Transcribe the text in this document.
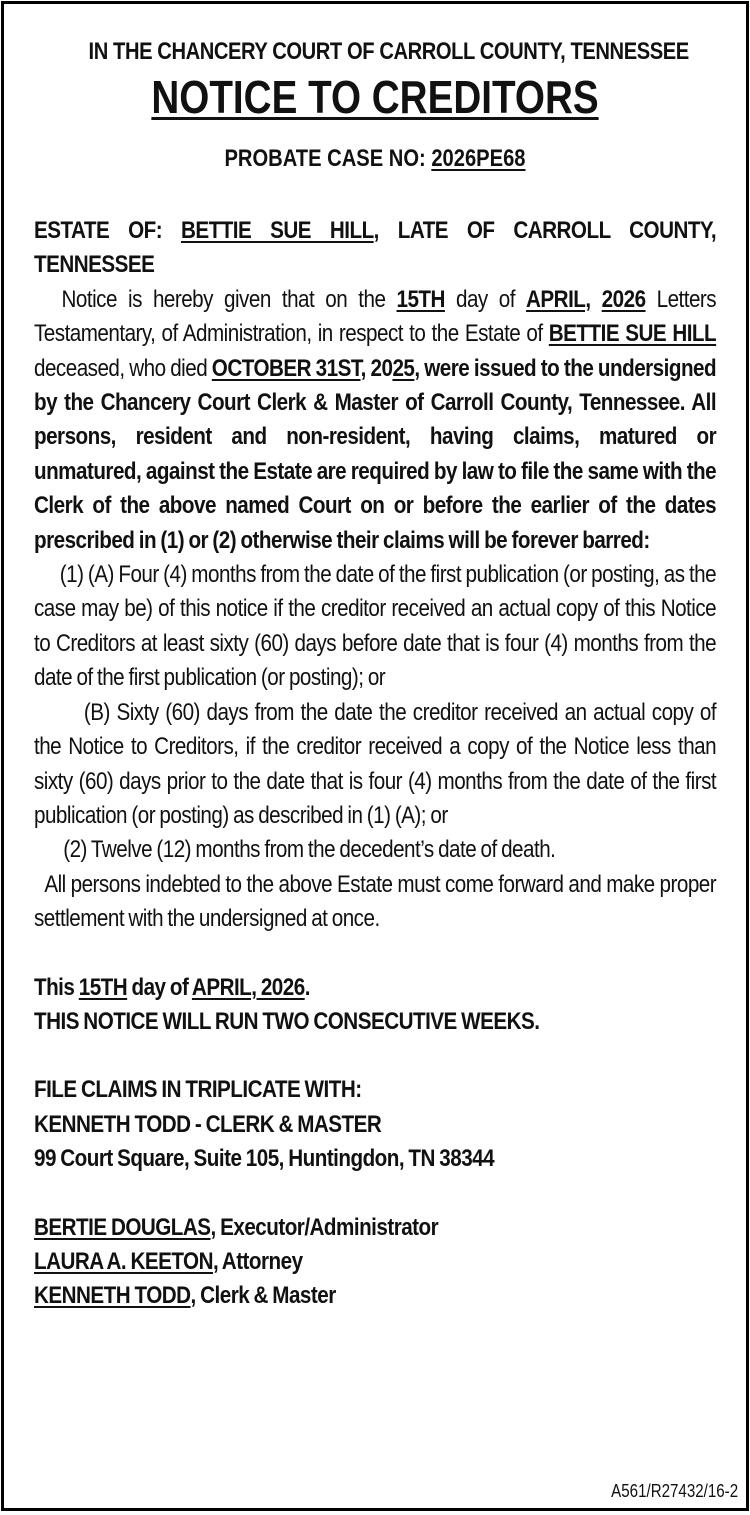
IN THE CHANCERY COURT OF CARROLL COUNTY, TENNESSEE

NOTICE TO CREDITORS

PROBATE CASE NO: 2026PE68

ESTATE OF: BETTIE SUE HILL, LATE OF CARROLL COUNTY, TENNESSEE

Notice is hereby given that on the 15TH day of APRIL, 2026 Letters Testamentary, of Administration, in respect to the Estate of BETTIE SUE HILL deceased, who died OCTOBER 31ST, 2025, were issued to the undersigned by the Chancery Court Clerk & Master of Carroll County, Tennessee. All persons, resident and non-resident, having claims, matured or unmatured, against the Estate are required by law to file the same with the Clerk of the above named Court on or before the earlier of the dates prescribed in (1) or (2) otherwise their claims will be forever barred:

(1) (A) Four (4) months from the date of the first publication (or posting, as the case may be) of this notice if the creditor received an actual copy of this Notice to Creditors at least sixty (60) days before date that is four (4) months from the date of the first publication (or posting); or

(B) Sixty (60) days from the date the creditor received an actual copy of the Notice to Creditors, if the creditor received a copy of the Notice less than sixty (60) days prior to the date that is four (4) months from the date of the first publication (or posting) as described in (1) (A); or

(2) Twelve (12) months from the decedent’s date of death.

All persons indebted to the above Estate must come forward and make proper settlement with the undersigned at once.

This 15TH day of APRIL, 2026.

THIS NOTICE WILL RUN TWO CONSECUTIVE WEEKS.

FILE CLAIMS IN TRIPLICATE WITH:

KENNETH TODD - CLERK & MASTER

99 Court Square, Suite 105, Huntingdon, TN 38344

BERTIE DOUGLAS, Executor/Administrator

LAURA A. KEETON, Attorney

KENNETH TODD, Clerk & Master

A561/R27432/16-2
